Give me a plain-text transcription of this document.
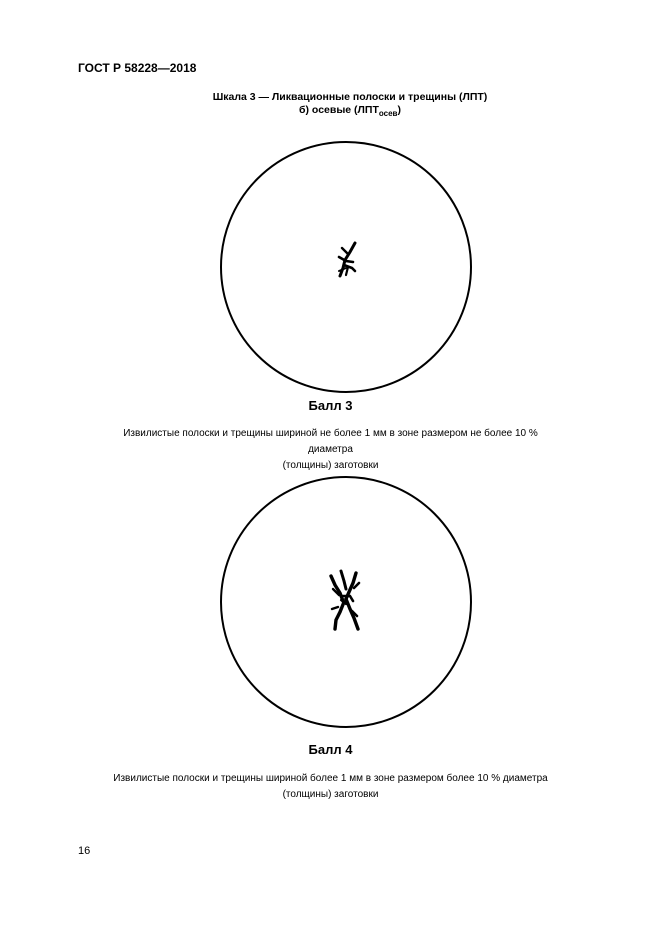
ГОСТ Р 58228—2018
Шкала 3 — Ликвационные полоски и трещины (ЛПТ)
б) осевые $(ЛПТ_{осев})$
Балл 3
Извилистые полоски и трещины шириной не более 1 мм в зоне размером не более 10 % диаметра
(толщины) заготовки
Балл 4
Извилистые полоски и трещины шириной более 1 мм в зоне размером более 10 % диаметра
(толщины) заготовки
16
